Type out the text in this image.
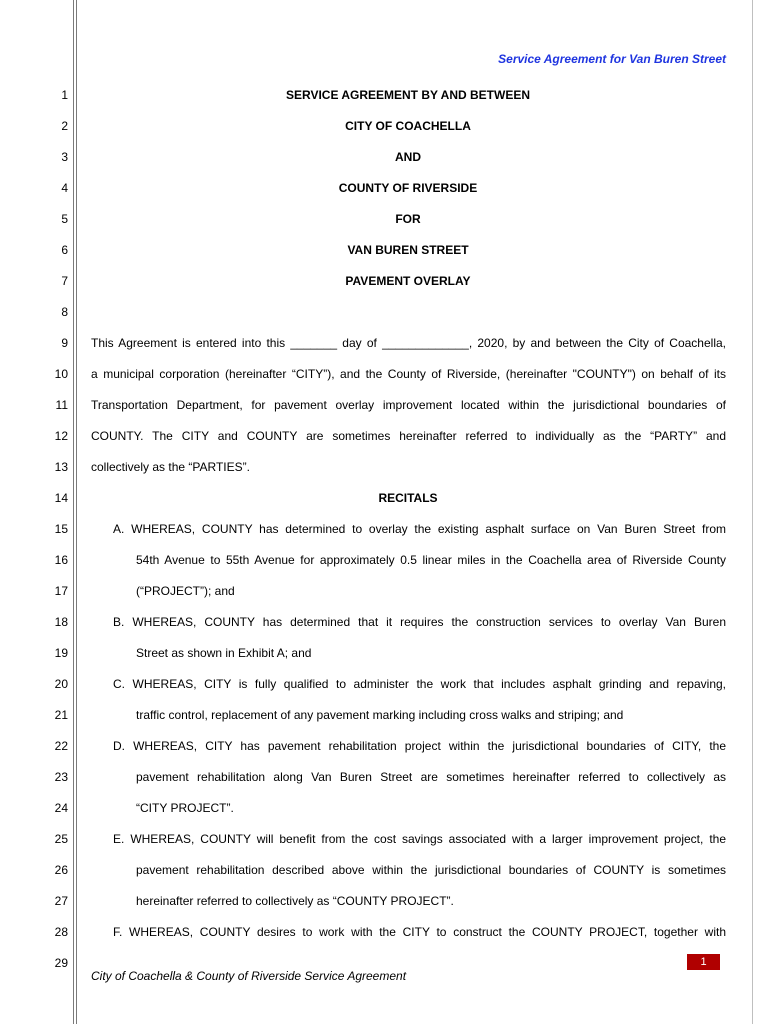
Service Agreement for Van Buren Street
1
2
3
4
5
6
7
8
9
10
11
12
13
14
15
16
17
18
19
20
21
22
23
24
25
26
27
28
29
SERVICE AGREEMENT BY AND BETWEEN
CITY OF COACHELLA
AND
COUNTY OF RIVERSIDE
FOR
VAN BUREN STREET
PAVEMENT OVERLAY
This Agreement is entered into this _______ day of _____________, 2020, by and between the City of Coachella,
a municipal corporation (hereinafter “CITY”), and the County of Riverside, (hereinafter "COUNTY") on behalf of its
Transportation Department, for pavement overlay improvement located within the jurisdictional boundaries of
COUNTY. The CITY and COUNTY are sometimes hereinafter referred to individually as the “PARTY” and
collectively as the “PARTIES”.
RECITALS
A. WHEREAS, COUNTY has determined to overlay the existing asphalt surface on Van Buren Street from
54th Avenue to 55th Avenue for approximately 0.5 linear miles in the Coachella area of Riverside County
(“PROJECT”); and
B. WHEREAS, COUNTY has determined that it requires the construction services to overlay Van Buren
Street as shown in Exhibit A; and
C. WHEREAS, CITY is fully qualified to administer the work that includes asphalt grinding and repaving,
traffic control, replacement of any pavement marking including cross walks and striping; and
D. WHEREAS, CITY has pavement rehabilitation project within the jurisdictional boundaries of CITY, the
pavement rehabilitation along Van Buren Street are sometimes hereinafter referred to collectively as
“CITY PROJECT”.
E. WHEREAS, COUNTY will benefit from the cost savings associated with a larger improvement project, the
pavement rehabilitation described above within the jurisdictional boundaries of COUNTY is sometimes
hereinafter referred to collectively as “COUNTY PROJECT”.
F. WHEREAS, COUNTY desires to work with the CITY to construct the COUNTY PROJECT, together with
1
City of Coachella & County of Riverside Service Agreement
